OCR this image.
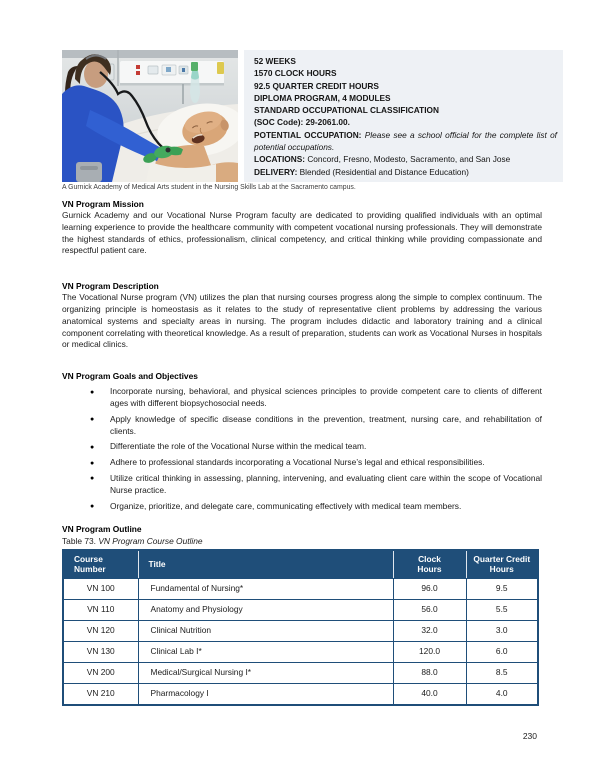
52 WEEKS
1570 CLOCK HOURS
92.5 QUARTER CREDIT HOURS
DIPLOMA PROGRAM, 4 MODULES
STANDARD OCCUPATIONAL CLASSIFICATION
(SOC Code): 29-2061.00.
POTENTIAL OCCUPATION: Please see a school official for the complete list of potential occupations.
LOCATIONS: Concord, Fresno, Modesto, Sacramento, and San Jose
DELIVERY: Blended (Residential and Distance Education)
A Gurnick Academy of Medical Arts student in the Nursing Skills Lab at the Sacramento campus.
VN Program Mission

Gurnick Academy and our Vocational Nurse Program faculty are dedicated to providing qualified individuals with an optimal learning experience to provide the healthcare community with competent vocational nursing professionals. They will demonstrate the highest standards of ethics, professionalism, clinical competency, and critical thinking while providing compassionate and respectful patient care.

VN Program Description

The Vocational Nurse program (VN) utilizes the plan that nursing courses progress along the simple to complex continuum. The organizing principle is homeostasis as it relates to the study of representative client problems by addressing the various anatomical systems and specialty areas in nursing. The program includes didactic and laboratory training and a clinical component correlating with theoretical knowledge. As a result of preparation, students can work as Vocational Nurses in hospitals or medical clinics.

VN Program Goals and Objectives
● Incorporate nursing, behavioral, and physical sciences principles to provide competent care to clients of different ages with different biopsychosocial needs.
● Apply knowledge of specific disease conditions in the prevention, treatment, nursing care, and rehabilitation of clients.
● Differentiate the role of the Vocational Nurse within the medical team.
● Adhere to professional standards incorporating a Vocational Nurse’s legal and ethical responsibilities.
● Utilize critical thinking in assessing, planning, intervening, and evaluating client care within the scope of Vocational Nurse practice.
● Organize, prioritize, and delegate care, communicating effectively with medical team members.
VN Program Outline
Table 73. VN Program Course Outline
Course Number	Title	Clock Hours	Quarter Credit Hours
VN 100	Fundamental of Nursing*	96.0	9.5
VN 110	Anatomy and Physiology	56.0	5.5
VN 120	Clinical Nutrition	32.0	3.0
VN 130	Clinical Lab I*	120.0	6.0
VN 200	Medical/Surgical Nursing I*	88.0	8.5
VN 210	Pharmacology I	40.0	4.0
230
